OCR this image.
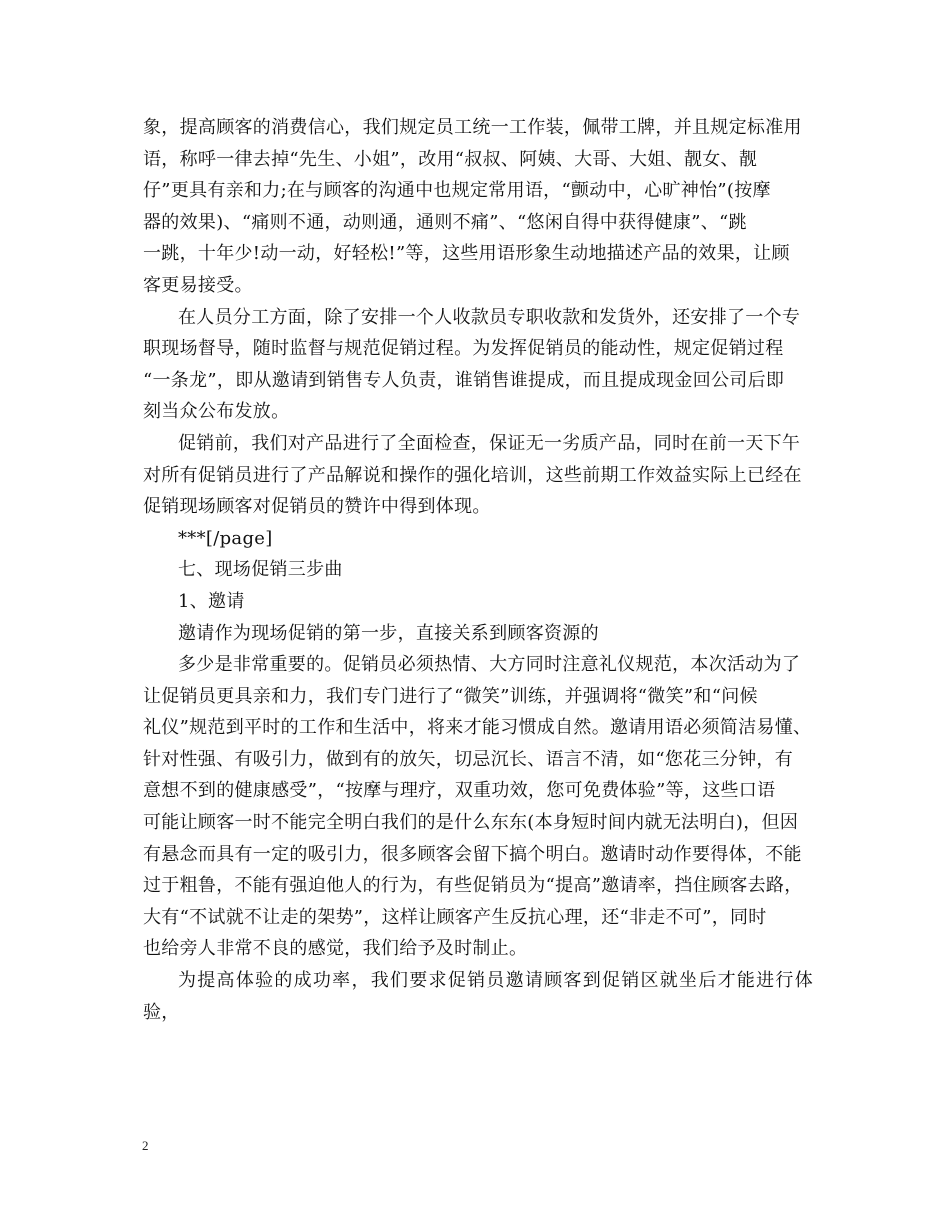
象，提高顾客的消费信心，我们规定员工统一工作装，佩带工牌，并且规定标准用
语，称呼一律去掉“先生、小姐”，改用“叔叔、阿姨、大哥、大姐、靓女、靓
仔”更具有亲和力;在与顾客的沟通中也规定常用语，“颤动中，心旷神怡”(按摩
器的效果)、“痛则不通，动则通，通则不痛”、“悠闲自得中获得健康”、“跳
一跳，十年少!动一动，好轻松!”等，这些用语形象生动地描述产品的效果，让顾
客更易接受。

在人员分工方面，除了安排一个人收款员专职收款和发货外，还安排了一个专
职现场督导，随时监督与规范促销过程。为发挥促销员的能动性，规定促销过程
“一条龙”，即从邀请到销售专人负责，谁销售谁提成，而且提成现金回公司后即
刻当众公布发放。

促销前，我们对产品进行了全面检查，保证无一劣质产品，同时在前一天下午
对所有促销员进行了产品解说和操作的强化培训，这些前期工作效益实际上已经在
促销现场顾客对促销员的赞许中得到体现。

***[/page]

七、现场促销三步曲

1、邀请

邀请作为现场促销的第一步，直接关系到顾客资源的

多少是非常重要的。促销员必须热情、大方同时注意礼仪规范，本次活动为了
让促销员更具亲和力，我们专门进行了“微笑”训练，并强调将“微笑”和“问候
礼仪”规范到平时的工作和生活中，将来才能习惯成自然。邀请用语必须简洁易懂、
针对性强、有吸引力，做到有的放矢，切忌沉长、语言不清，如“您花三分钟，有
意想不到的健康感受”，“按摩与理疗，双重功效，您可免费体验”等，这些口语
可能让顾客一时不能完全明白我们的是什么东东(本身短时间内就无法明白)，但因
有悬念而具有一定的吸引力，很多顾客会留下搞个明白。邀请时动作要得体，不能
过于粗鲁，不能有强迫他人的行为，有些促销员为“提高”邀请率，挡住顾客去路，
大有“不试就不让走的架势”，这样让顾客产生反抗心理，还“非走不可”，同时
也给旁人非常不良的感觉，我们给予及时制止。

为提高体验的成功率，我们要求促销员邀请顾客到促销区就坐后才能进行体验，

2
